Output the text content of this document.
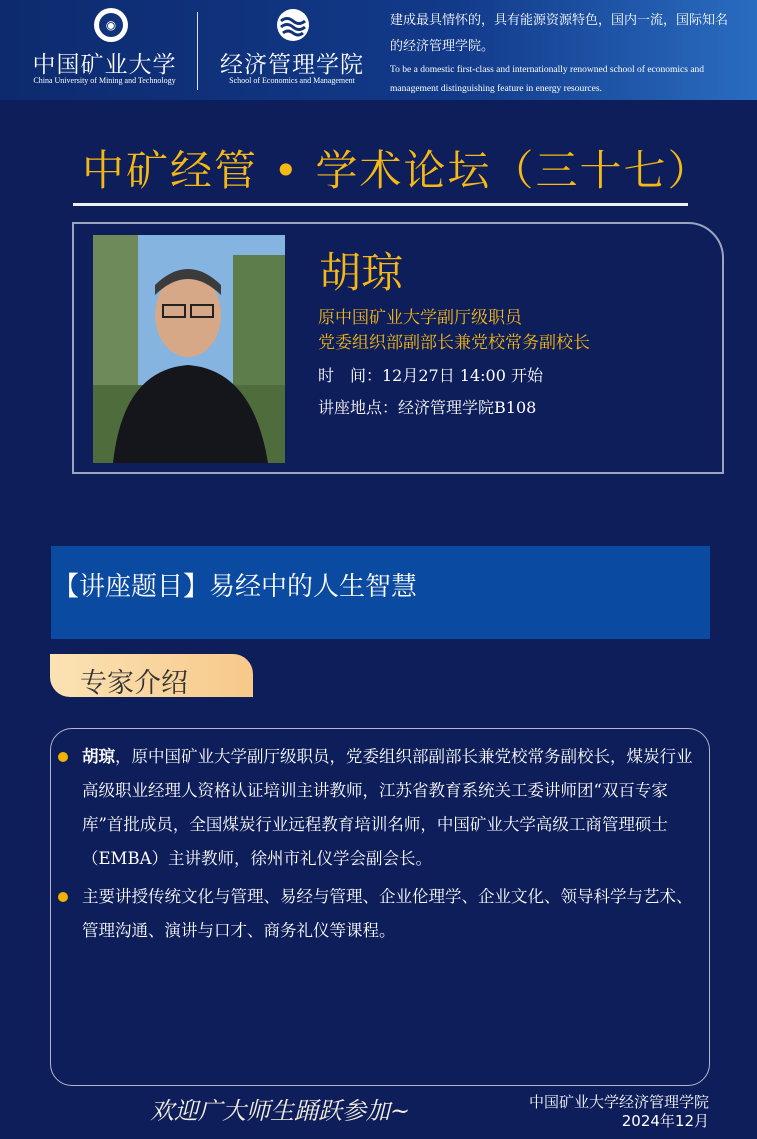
◉
中国矿业大学
China University of Mining and Technology
经济管理学院
School of Economics and Management
建成最具情怀的，具有能源资源特色，国内一流，国际知名的经济管理学院。
To be a domestic first-class and internationally renowned school of economics and management distinguishing feature in energy resources.
中矿经管 • 学术论坛（三十七）
胡琼
原中国矿业大学副厅级职员
党委组织部副部长兼党校常务副校长
时　间：12月27日 14:00 开始
讲座地点：经济管理学院B108
【讲座题目】易经中的人生智慧
专家介绍
胡琼，原中国矿业大学副厅级职员，党委组织部副部长兼党校常务副校长，煤炭行业高级职业经理人资格认证培训主讲教师，江苏省教育系统关工委讲师团“双百专家库”首批成员，全国煤炭行业远程教育培训名师，中国矿业大学高级工商管理硕士（EMBA）主讲教师，徐州市礼仪学会副会长。
主要讲授传统文化与管理、易经与管理、企业伦理学、企业文化、领导科学与艺术、管理沟通、演讲与口才、商务礼仪等课程。
欢迎广大师生踊跃参加~	中国矿业大学经济管理学院
2024年12月
